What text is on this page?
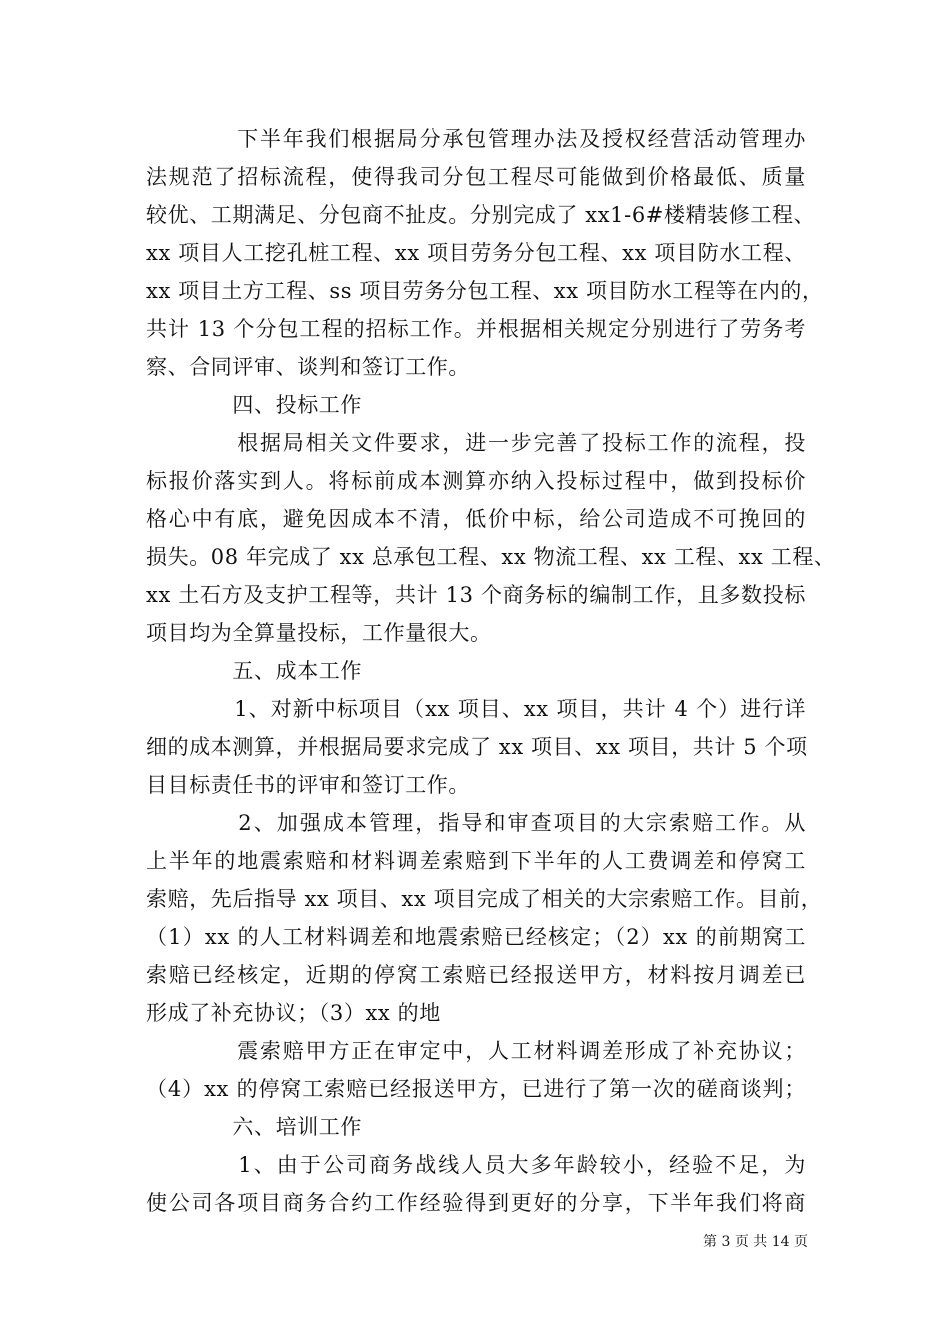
　　　　下半年我们根据局分承包管理办法及授权经营活动管理办
法规范了招标流程，使得我司分包工程尽可能做到价格最低、质量
较优、工期满足、分包商不扯皮。分别完成了 xx1-6#楼精装修工程、
xx 项目人工挖孔桩工程、xx 项目劳务分包工程、xx 项目防水工程、
xx 项目土方工程、ss 项目劳务分包工程、xx 项目防水工程等在内的，
共计 13 个分包工程的招标工作。并根据相关规定分别进行了劳务考
察、合同评审、谈判和签订工作。
　　　　四、投标工作
　　　　根据局相关文件要求，进一步完善了投标工作的流程，投
标报价落实到人。将标前成本测算亦纳入投标过程中，做到投标价
格心中有底，避免因成本不清，低价中标，给公司造成不可挽回的
损失。08 年完成了 xx 总承包工程、xx 物流工程、xx 工程、xx 工程、
xx 土石方及支护工程等，共计 13 个商务标的编制工作，且多数投标
项目均为全算量投标，工作量很大。
　　　　五、成本工作
　　　　1、对新中标项目（xx 项目、xx 项目，共计 4 个）进行详
细的成本测算，并根据局要求完成了 xx 项目、xx 项目，共计 5 个项
目目标责任书的评审和签订工作。
　　　　2、加强成本管理，指导和审查项目的大宗索赔工作。从
上半年的地震索赔和材料调差索赔到下半年的人工费调差和停窝工
索赔，先后指导 xx 项目、xx 项目完成了相关的大宗索赔工作。目前，
（1）xx 的人工材料调差和地震索赔已经核定；（2）xx 的前期窝工
索赔已经核定，近期的停窝工索赔已经报送甲方，材料按月调差已
形成了补充协议；（3）xx 的地
　　　　震索赔甲方正在审定中，人工材料调差形成了补充协议；
（4）xx 的停窝工索赔已经报送甲方，已进行了第一次的磋商谈判；
　　　　六、培训工作
　　　　1、由于公司商务战线人员大多年龄较小，经验不足，为
使公司各项目商务合约工作经验得到更好的分享，下半年我们将商
第 3 页 共 14 页
